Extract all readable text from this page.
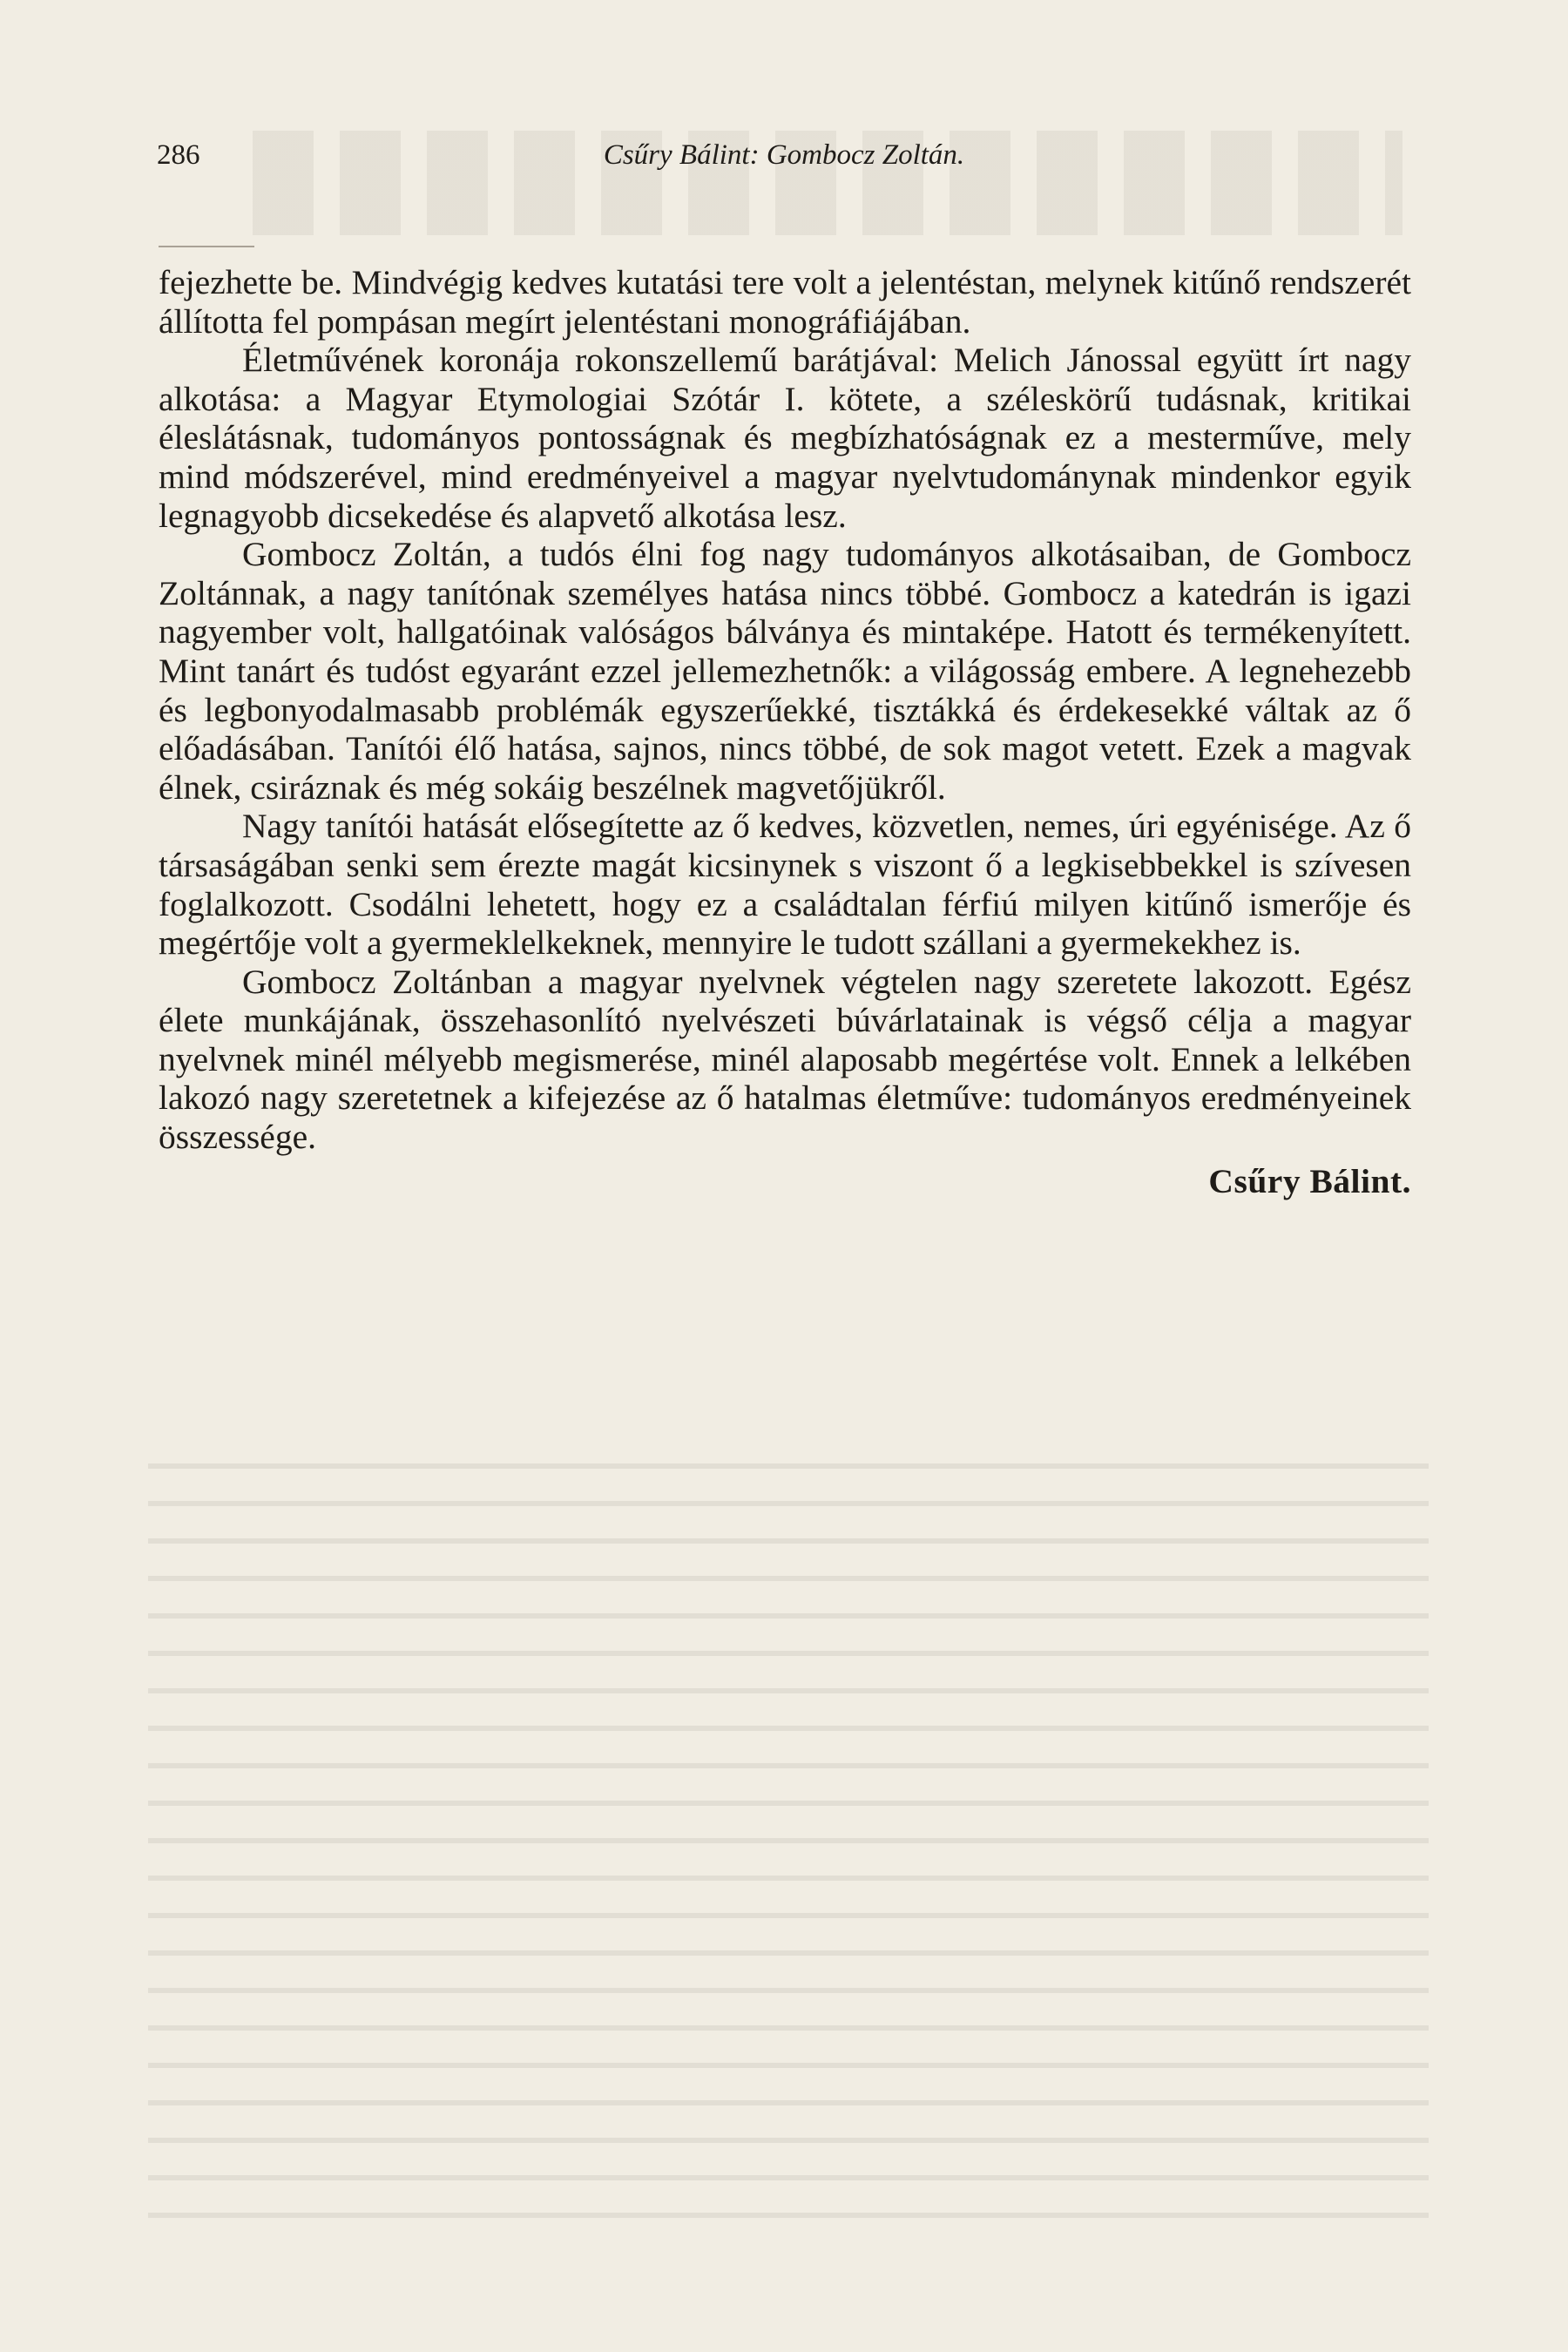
286	Csűry Bálint: Gombocz Zoltán.

fejezhette be. Mindvégig kedves kutatási tere volt a jelentéstan, melynek kitűnő rendszerét állította fel pompásan megírt jelentéstani monográfiájában.

Életművének koronája rokonszellemű barátjával: Melich Jánossal együtt írt nagy alkotása: a Magyar Etymologiai Szótár I. kötete, a széleskörű tudásnak, kritikai éleslátásnak, tudományos pontosságnak és megbízhatóságnak ez a mesterműve, mely mind módszerével, mind eredményeivel a magyar nyelvtudománynak mindenkor egyik legnagyobb dicsekedése és alapvető alkotása lesz.

Gombocz Zoltán, a tudós élni fog nagy tudományos alkotásaiban, de Gombocz Zoltánnak, a nagy tanítónak személyes hatása nincs többé. Gombocz a katedrán is igazi nagyember volt, hallgatóinak valóságos bálványa és mintaképe. Hatott és termékenyített. Mint tanárt és tudóst egyaránt ezzel jellemezhetnők: a világosság embere. A legnehezebb és legbonyodalmasabb problémák egyszerűekké, tisztákká és érdekesekké váltak az ő előadásában. Tanítói élő hatása, sajnos, nincs többé, de sok magot vetett. Ezek a magvak élnek, csiráznak és még sokáig beszélnek magvetőjükről.

Nagy tanítói hatását elősegítette az ő kedves, közvetlen, nemes, úri egyénisége. Az ő társaságában senki sem érezte magát kicsinynek s viszont ő a legkisebbekkel is szívesen foglalkozott. Csodálni lehetett, hogy ez a családtalan férfiú milyen kitűnő ismerője és megértője volt a gyermeklelkeknek, mennyire le tudott szállani a gyermekekhez is.

Gombocz Zoltánban a magyar nyelvnek végtelen nagy szeretete lakozott. Egész élete munkájának, összehasonlító nyelvészeti búvárlatainak is végső célja a magyar nyelvnek minél mélyebb megismerése, minél alaposabb megértése volt. Ennek a lelkében lakozó nagy szeretetnek a kifejezése az ő hatalmas életműve: tudományos eredményeinek összessége.

Csűry Bálint.
